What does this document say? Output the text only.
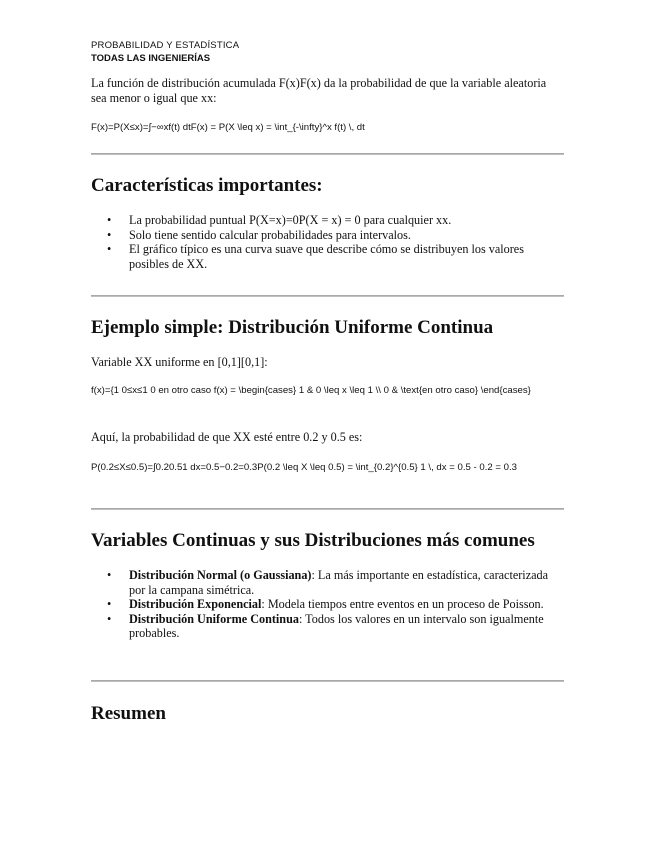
PROBABILIDAD Y ESTADÍSTICA
TODAS LAS INGENIERÍAS
La función de distribución acumulada F(x)F(x) da la probabilidad de que la variable aleatoria sea menor o igual que xx:
F(x)=P(X≤x)=∫−∞xf(t) dtF(x) = P(X \leq x) = \int_{-\infty}^x f(t) \, dt
Características importantes:
• La probabilidad puntual P(X=x)=0P(X = x) = 0 para cualquier xx.
• Solo tiene sentido calcular probabilidades para intervalos.
• El gráfico típico es una curva suave que describe cómo se distribuyen los valores posibles de XX.
Ejemplo simple: Distribución Uniforme Continua
Variable XX uniforme en [0,1][0,1]:
f(x)={1 0≤x≤1 0 en otro caso f(x) = \begin{cases} 1 & 0 \leq x \leq 1 \\ 0 & \text{en otro caso} \end{cases}
Aquí, la probabilidad de que XX esté entre 0.2 y 0.5 es:
P(0.2≤X≤0.5)=∫0.20.51 dx=0.5−0.2=0.3P(0.2 \leq X \leq 0.5) = \int_{0.2}^{0.5} 1 \, dx = 0.5 - 0.2 = 0.3
Variables Continuas y sus Distribuciones más comunes
• Distribución Normal (o Gaussiana): La más importante en estadística, caracterizada por la campana simétrica.
• Distribución Exponencial: Modela tiempos entre eventos en un proceso de Poisson.
• Distribución Uniforme Continua: Todos los valores en un intervalo son igualmente probables.
Resumen
